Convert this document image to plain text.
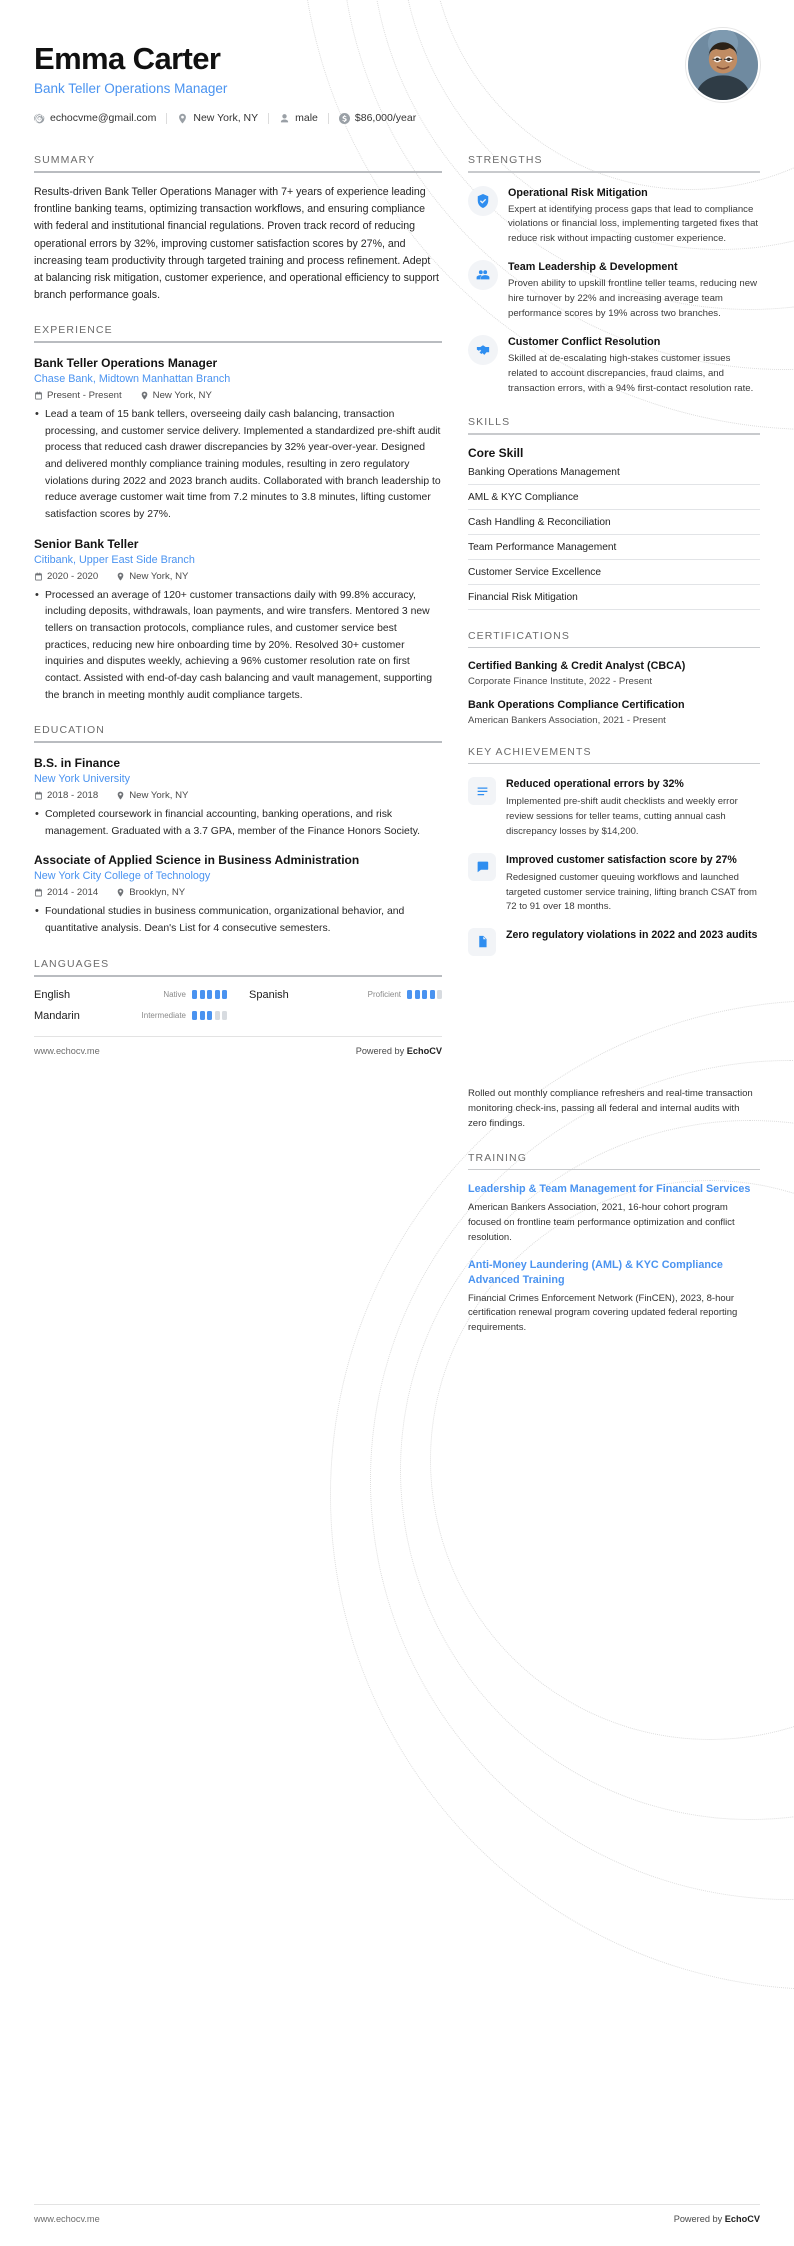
Emma Carter
Bank Teller Operations Manager
echocvme@gmail.com	New York, NY	male	$86,000/year
SUMMARY
Results-driven Bank Teller Operations Manager with 7+ years of experience leading frontline banking teams, optimizing transaction workflows, and ensuring compliance with federal and institutional financial regulations. Proven track record of reducing operational errors by 32%, improving customer satisfaction scores by 27%, and increasing team productivity through targeted training and process refinement. Adept at balancing risk mitigation, customer experience, and operational efficiency to support branch performance goals.
EXPERIENCE
Bank Teller Operations Manager
Chase Bank, Midtown Manhattan Branch
Present - Present	New York, NY
• Lead a team of 15 bank tellers, overseeing daily cash balancing, transaction processing, and customer service delivery. Implemented a standardized pre-shift audit process that reduced cash drawer discrepancies by 32% year-over-year. Designed and delivered monthly compliance training modules, resulting in zero regulatory violations during 2022 and 2023 branch audits. Collaborated with branch leadership to reduce average customer wait time from 7.2 minutes to 3.8 minutes, lifting customer satisfaction scores by 27%.
Senior Bank Teller
Citibank, Upper East Side Branch
2020 - 2020	New York, NY
• Processed an average of 120+ customer transactions daily with 99.8% accuracy, including deposits, withdrawals, loan payments, and wire transfers. Mentored 3 new tellers on transaction protocols, compliance rules, and customer service best practices, reducing new hire onboarding time by 20%. Resolved 30+ customer inquiries and disputes weekly, achieving a 96% customer resolution rate on first contact. Assisted with end-of-day cash balancing and vault management, supporting the branch in meeting monthly audit compliance targets.
EDUCATION
B.S. in Finance
New York University
2018 - 2018	New York, NY
• Completed coursework in financial accounting, banking operations, and risk management. Graduated with a 3.7 GPA, member of the Finance Honors Society.
Associate of Applied Science in Business Administration
New York City College of Technology
2014 - 2014	Brooklyn, NY
• Foundational studies in business communication, organizational behavior, and quantitative analysis. Dean's List for 4 consecutive semesters.
LANGUAGES
English	Native	Spanish	Proficient
Mandarin	Intermediate
www.echocv.me	Powered by EchoCV
STRENGTHS
Operational Risk Mitigation
Expert at identifying process gaps that lead to compliance violations or financial loss, implementing targeted fixes that reduce risk without impacting customer experience.
Team Leadership & Development
Proven ability to upskill frontline teller teams, reducing new hire turnover by 22% and increasing average team performance scores by 19% across two branches.
Customer Conflict Resolution
Skilled at de-escalating high-stakes customer issues related to account discrepancies, fraud claims, and transaction errors, with a 94% first-contact resolution rate.
SKILLS
Core Skill
Banking Operations Management
AML & KYC Compliance
Cash Handling & Reconciliation
Team Performance Management
Customer Service Excellence
Financial Risk Mitigation
CERTIFICATIONS
Certified Banking & Credit Analyst (CBCA)
Corporate Finance Institute, 2022 - Present
Bank Operations Compliance Certification
American Bankers Association, 2021 - Present
KEY ACHIEVEMENTS
Reduced operational errors by 32%
Implemented pre-shift audit checklists and weekly error review sessions for teller teams, cutting annual cash discrepancy losses by $14,200.
Improved customer satisfaction score by 27%
Redesigned customer queuing workflows and launched targeted customer service training, lifting branch CSAT from 72 to 91 over 18 months.
Zero regulatory violations in 2022 and 2023 audits
Rolled out monthly compliance refreshers and real-time transaction monitoring check-ins, passing all federal and internal audits with zero findings.
TRAINING
Leadership & Team Management for Financial Services
American Bankers Association, 2021, 16-hour cohort program focused on frontline team performance optimization and conflict resolution.
Anti-Money Laundering (AML) & KYC Compliance Advanced Training
Financial Crimes Enforcement Network (FinCEN), 2023, 8-hour certification renewal program covering updated federal reporting requirements.
www.echocv.me	Powered by EchoCV
